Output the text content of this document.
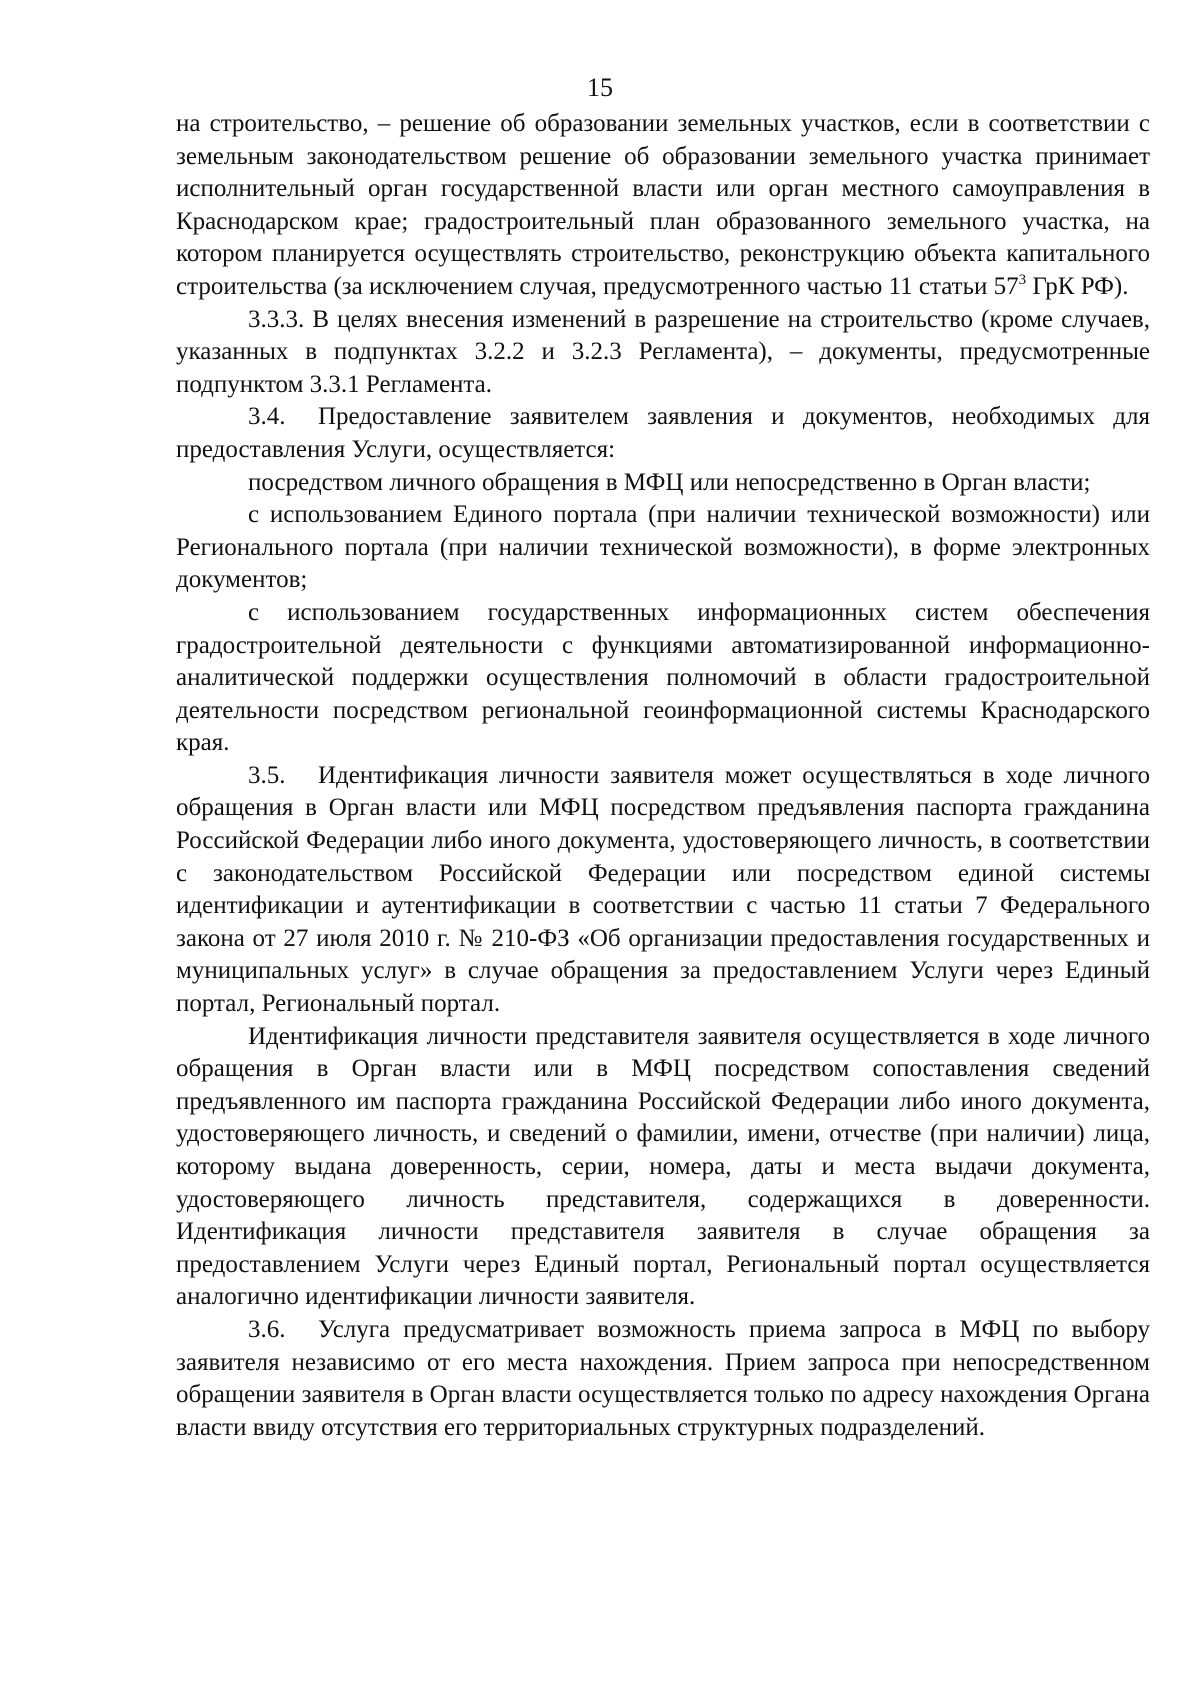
15

на строительство, – решение об образовании земельных участков, если в соответствии с земельным законодательством решение об образовании земельного участка принимает исполнительный орган государственной власти или орган местного самоуправления в Краснодарском крае; градостроительный план образованного земельного участка, на котором планируется осуществлять строительство, реконструкцию объекта капитального строительства (за исключением случая, предусмотренного частью 11 статьи $57^3$ ГрК РФ).

3.3.3. В целях внесения изменений в разрешение на строительство (кроме случаев, указанных в подпунктах 3.2.2 и 3.2.3 Регламента), – документы, предусмотренные подпунктом 3.3.1 Регламента.

3.4. Предоставление заявителем заявления и документов, необходимых для предоставления Услуги, осуществляется:

посредством личного обращения в МФЦ или непосредственно в Орган власти;

с использованием Единого портала (при наличии технической возможности) или Регионального портала (при наличии технической возможности), в форме электронных документов;

с использованием государственных информационных систем обеспечения градостроительной деятельности с функциями автоматизированной информационно-аналитической поддержки осуществления полномочий в области градостроительной деятельности посредством региональной геоинформационной системы Краснодарского края.

3.5. Идентификация личности заявителя может осуществляться в ходе личного обращения в Орган власти или МФЦ посредством предъявления паспорта гражданина Российской Федерации либо иного документа, удостоверяющего личность, в соответствии с законодательством Российской Федерации или посредством единой системы идентификации и аутентификации в соответствии с частью 11 статьи 7 Федерального закона от 27 июля 2010 г. № 210-ФЗ «Об организации предоставления государственных и муниципальных услуг» в случае обращения за предоставлением Услуги через Единый портал, Региональный портал.

Идентификация личности представителя заявителя осуществляется в ходе личного обращения в Орган власти или в МФЦ посредством сопоставления сведений предъявленного им паспорта гражданина Российской Федерации либо иного документа, удостоверяющего личность, и сведений о фамилии, имени, отчестве (при наличии) лица, которому выдана доверенность, серии, номера, даты и места выдачи документа, удостоверяющего личность представителя, содержащихся в доверенности. Идентификация личности представителя заявителя в случае обращения за предоставлением Услуги через Единый портал, Региональный портал осуществляется аналогично идентификации личности заявителя.

3.6. Услуга предусматривает возможность приема запроса в МФЦ по выбору заявителя независимо от его места нахождения. Прием запроса при непосредственном обращении заявителя в Орган власти осуществляется только по адресу нахождения Органа власти ввиду отсутствия его территориальных структурных подразделений.
